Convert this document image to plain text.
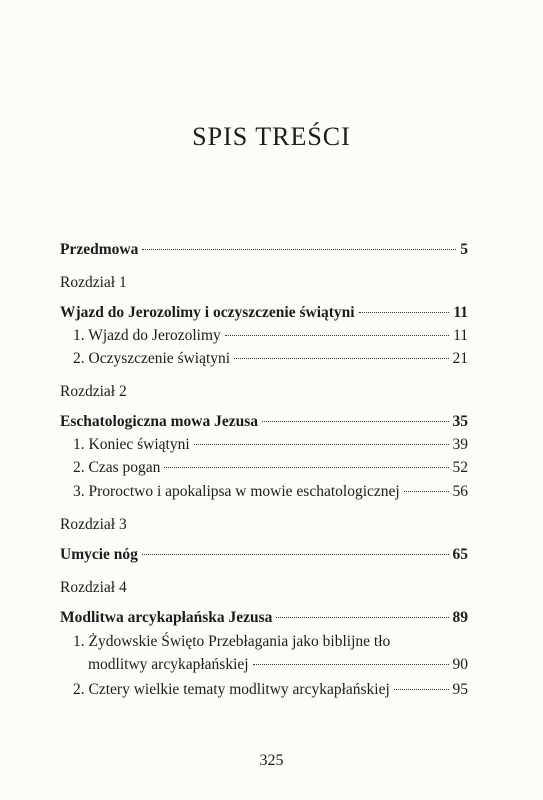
SPIS TREŚCI
Przedmowa	5
Rozdział 1
Wjazd do Jerozolimy i oczyszczenie świątyni	11
1. Wjazd do Jerozolimy	11
2. Oczyszczenie świątyni	21
Rozdział 2
Eschatologiczna mowa Jezusa	35
1. Koniec świątyni	39
2. Czas pogan	52
3. Proroctwo i apokalipsa w mowie eschatologicznej	56
Rozdział 3
Umycie nóg	65
Rozdział 4
Modlitwa arcykapłańska Jezusa	89
1. Żydowskie Święto Przebłagania jako biblijne tło
modlitwy arcykapłańskiej	90
2. Cztery wielkie tematy modlitwy arcykapłańskiej	95
325
